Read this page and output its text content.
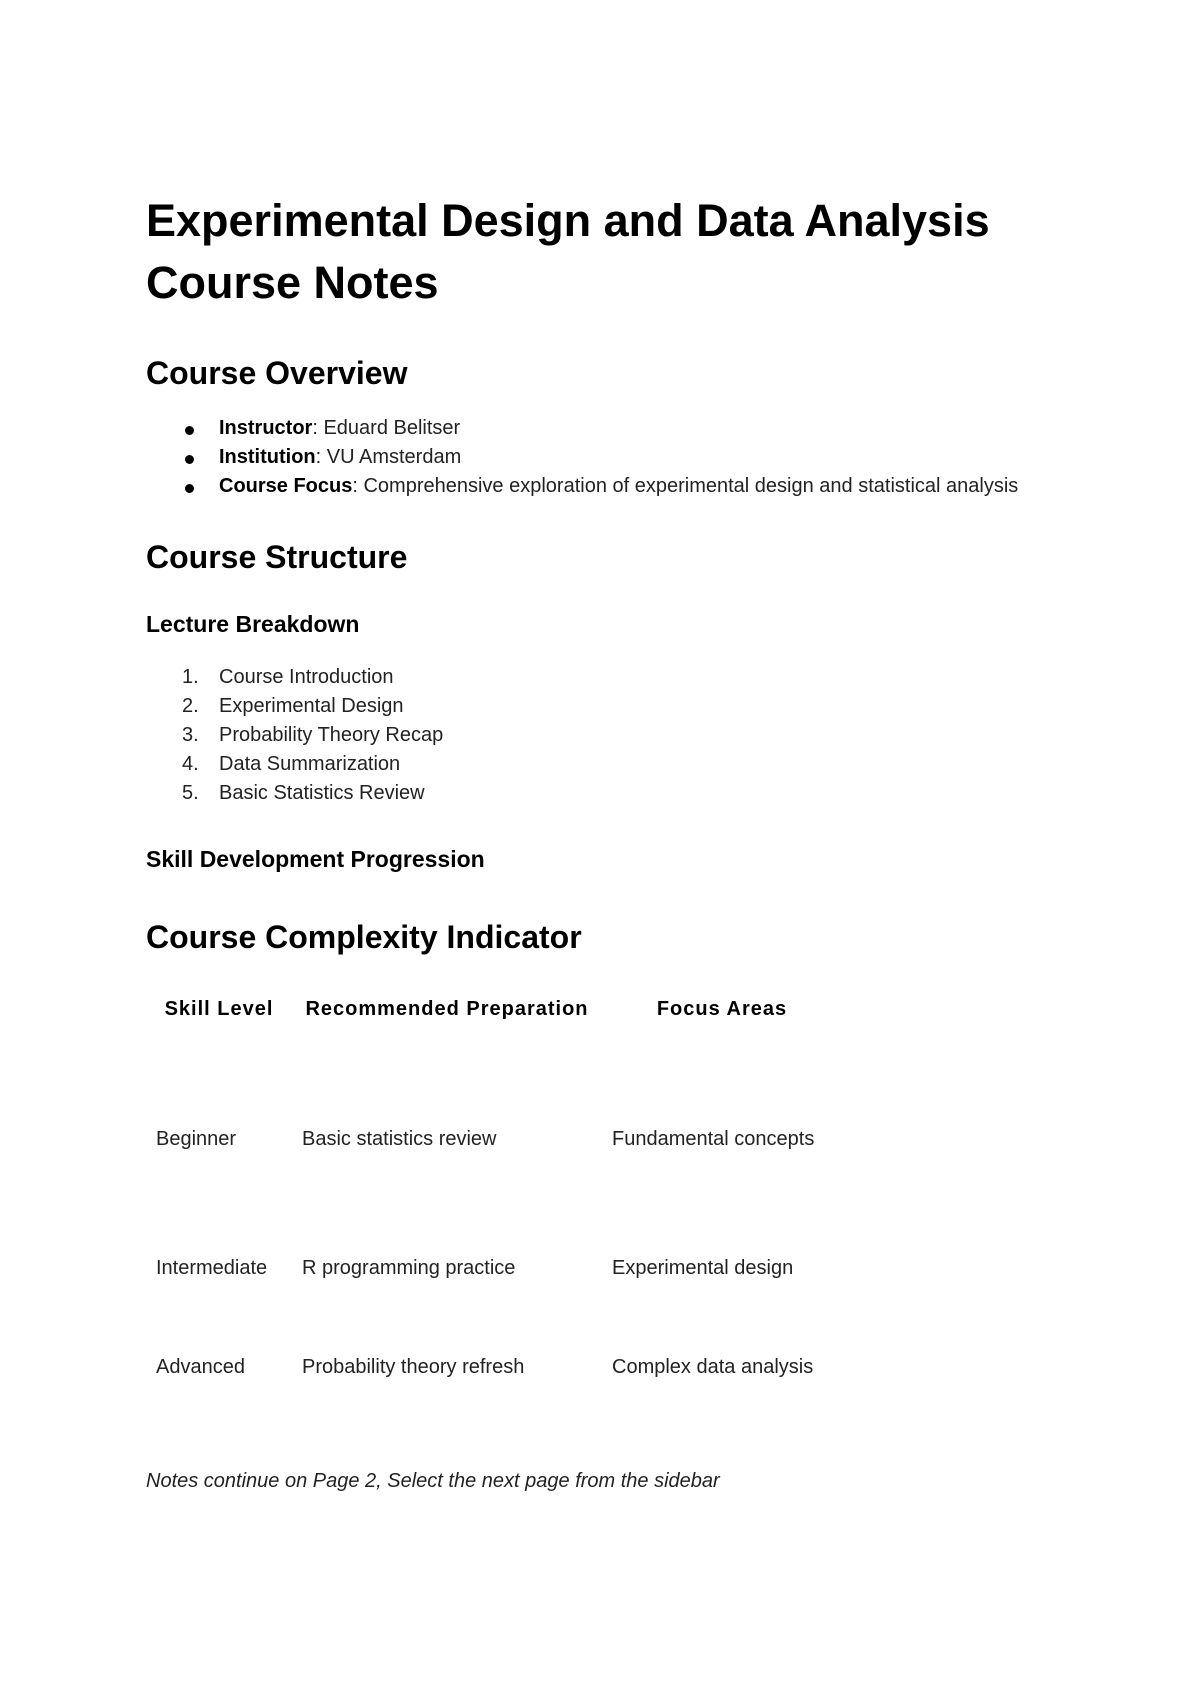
Experimental Design and Data Analysis
Course Notes
Course Overview
Instructor: Eduard Belitser
Institution: VU Amsterdam
Course Focus: Comprehensive exploration of experimental design and statistical analysis
Course Structure
Lecture Breakdown
1. Course Introduction
2. Experimental Design
3. Probability Theory Recap
4. Data Summarization
5. Basic Statistics Review
Skill Development Progression
Course Complexity Indicator
Skill Level	Recommended Preparation	Focus Areas
Beginner	Basic statistics review	Fundamental concepts
Intermediate	R programming practice	Experimental design
Advanced	Probability theory refresh	Complex data analysis
Notes continue on Page 2, Select the next page from the sidebar
